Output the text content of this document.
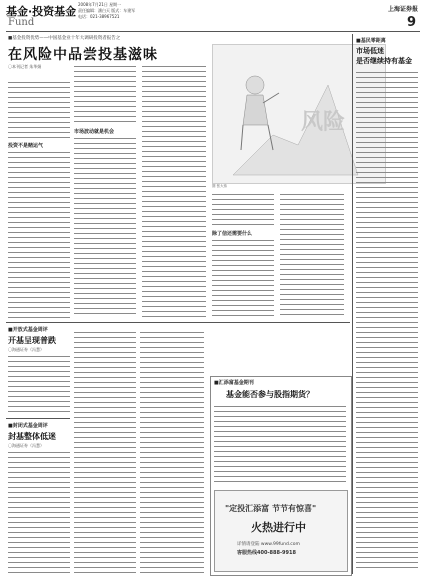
基金·投资基金
2008年7月21日 星期一
责任编辑：潘白天 版式：车建军
电话：021-38967521
上海证券报
Fund	9
■基金投资优势——中国基金业十年大调研投资者报告之
在风险中品尝投基滋味
〇本刊记者 朱华娟
投资不是赌运气
市场波动就是机会	风险
图 张大伟
除了信还需要什么
■基民零距离
市场低迷
是否继续持有基金
■开放式基金周评
开基呈现普跌
〇海通证券（冯慧）
■封闭式基金周评
封基整体低迷
〇海通证券（冯慧）
■汇添富基金期刊
基金能否参与股指期货？
"定投汇添富 节节有惊喜"
火热进行中
详情请登陆 www.99fund.com
客服热线400-888-9918
